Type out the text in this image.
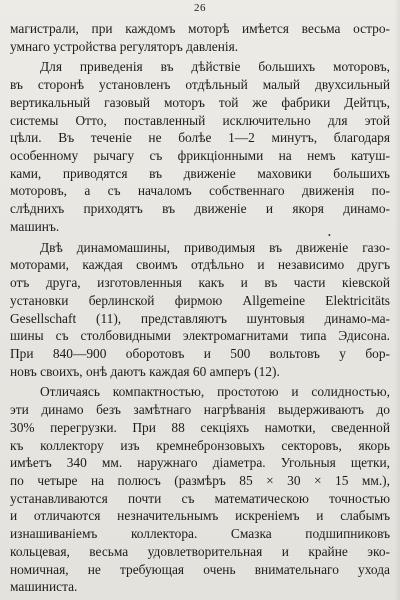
26
магистрали, при каждомъ моторѣ имѣется весьма остро-
умнаго устройства регуляторъ давленія.
Для приведенія въ дѣйствіе большихъ моторовъ,
въ сторонѣ установленъ отдѣльный малый двухсильный
вертикальный газовый моторъ той же фабрики Дейтцъ,
системы Отто, поставленный исключительно для этой
цѣли. Въ теченіе не болѣе 1—2 минутъ, благодаря
особенному рычагу съ фрикціонными на немъ катуш-
ками, приводятся въ движеніе маховики большихъ
моторовъ, а съ началомъ собственнаго движенія по-
слѣднихъ приходятъ въ движеніе и якоря динамо-
машинъ.
•
Двѣ динамомашины, приводимыя въ движеніе газо-
моторами, каждая своимъ отдѣльно и независимо другъ
отъ друга, изготовленныя какъ и въ части кіевской
установки берлинской фирмою Allgemeine Elektricitäts
Gesellschaft (11), представляютъ шунтовыя динамо-ма-
шины съ столбовидными электромагнитами типа Эдисона.
При 840—900 оборотовъ и 500 вольтовъ у бор-
новъ своихъ, онѣ даютъ каждая 60 амперъ (12).
Отличаясь компактностью, простотою и солидностью,
эти динамо безъ замѣтнаго нагрѣванія выдерживаютъ до
30% перегрузки. При 88 секціяхъ намотки, сведенной
къ коллектору изъ кремнебронзовыхъ секторовъ, якорь
имѣетъ 340 мм. наружнаго діаметра. Угольныя щетки,
по четыре на полюсъ (размѣръ 85 × 30 × 15 мм.),
устанавливаются почти съ математическою точностью
и отличаются незначительнымъ искреніемъ и слабымъ
изнашиваніемъ коллектора. Смазка подшипниковъ
кольцевая, весьма удовлетворительная и крайне эко-
номичная, не требующая очень внимательнаго ухода
машиниста.
